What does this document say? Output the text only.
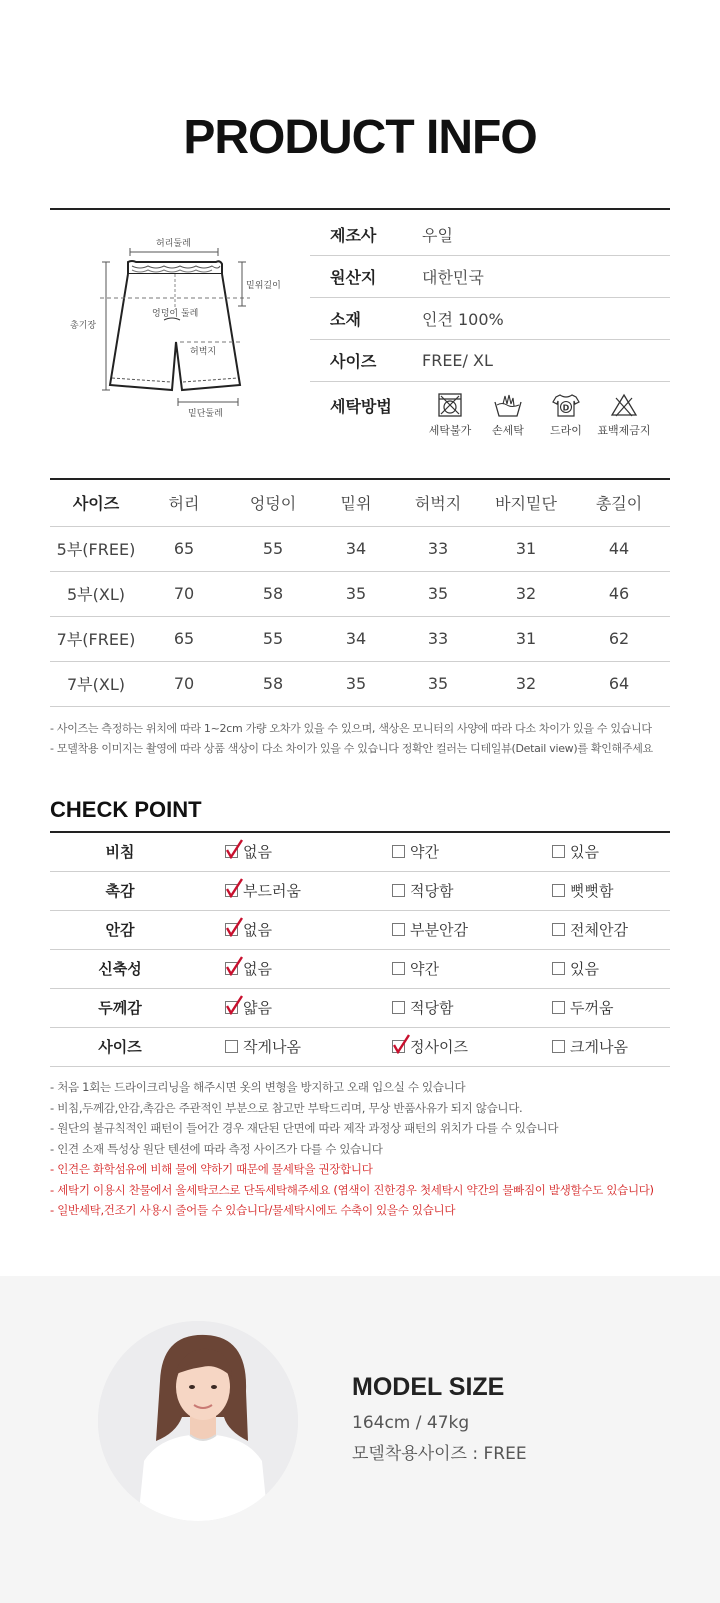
PRODUCT INFO
허리둘레
밑위길이
총기장
엉덩이 둘레
허벅지
밑단둘레
제조사	우일
원산지	대한민국
소재	인견 100%
사이즈	FREE/ XL
세탁방법
세탁불가	손세탁
D
드라이	표백제금지
사이즈	허리	엉덩이	밑위	허벅지	바지밑단	총길이
5부(FREE)	65	55	34	33	31	44
5부(XL)	70	58	35	35	32	46
7부(FREE)	65	55	34	33	31	62
7부(XL)	70	58	35	35	32	64
- 사이즈는 측정하는 위치에 따라 1~2cm 가량 오차가 있을 수 있으며, 색상은 모니터의 사양에 따라 다소 차이가 있을 수 있습니다
- 모델착용 이미지는 촬영에 따라 상품 색상이 다소 차이가 있을 수 있습니다 정확안 컬러는 디테일뷰(Detail view)를 확인해주세요
CHECK POINT
비침	없음	약간	있음

촉감	부드러움	적당함	뻣뻣함

안감	없음	부분안감	전체안감

신축성	없음	약간	있음

두께감	얇음	적당함	두꺼움

사이즈	작게나옴	정사이즈	크게나옴
- 처음 1회는 드라이크리닝을 해주시면 옷의 변형을 방지하고 오래 입으실 수 있습니다
- 비침,두께감,안감,촉감은 주관적인 부분으로 참고만 부탁드리며, 무상 반품사유가 되지 않습니다.
- 원단의 불규칙적인 패턴이 들어간 경우 재단된 단면에 따라 제작 과정상 패턴의 위치가 다를 수 있습니다
- 인견 소재 특성상 원단 텐션에 따라 측정 사이즈가 다를 수 있습니다
- 인견은 화학섬유에 비해 물에 약하기 때문에 물세탁을 권장합니다
- 세탁기 이용시 찬물에서 울세탁코스로 단독세탁해주세요 (염색이 진한경우 첫세탁시 약간의 물빠짐이 발생할수도 있습니다)
- 일반세탁,건조기 사용시 줄어들 수 있습니다/물세탁시에도 수축이 있을수 있습니다
MODEL SIZE
164cm / 47kg
모델착용사이즈 : FREE
